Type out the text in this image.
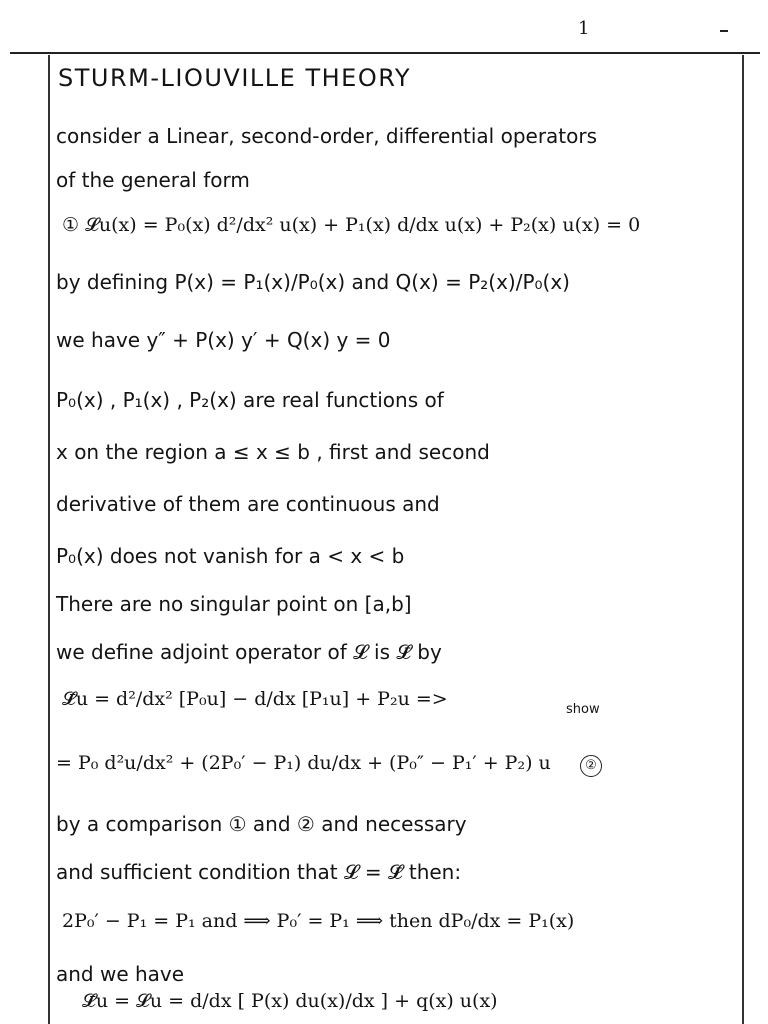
1
STURM-LIOUVILLE THEORY
consider a Linear, second-order, differential operators
of the general form
① 𝓛u(x) = P₀(x) d²/dx² u(x) + P₁(x) d/dx u(x) + P₂(x) u(x) = 0
by defining P(x) = P₁(x)/P₀(x) and Q(x) = P₂(x)/P₀(x)
we have y″ + P(x) y′ + Q(x) y = 0
P₀(x) , P₁(x) , P₂(x) are real functions of
x on the region a ≤ x ≤ b , first and second
derivative of them are continuous and
P₀(x) does not vanish for a < x < b
There are no singular point on [a,b]
we define adjoint operator of 𝓛 is 𝓛̄ by
𝓛̄u = d²/dx² [P₀u] − d/dx [P₁u] + P₂u =>	show
= P₀ d²u/dx² + (2P₀′ − P₁) du/dx + (P₀″ − P₁′ + P₂) u	②
by a comparison ① and ② and necessary
and sufficient condition that 𝓛 = 𝓛̄ then:
2P₀′ − P₁ = P₁ and ⟹ P₀′ = P₁ ⟹ then dP₀/dx = P₁(x)
and we have
𝓛̄u = 𝓛u = d/dx [ P(x) du(x)/dx ] + q(x) u(x)
